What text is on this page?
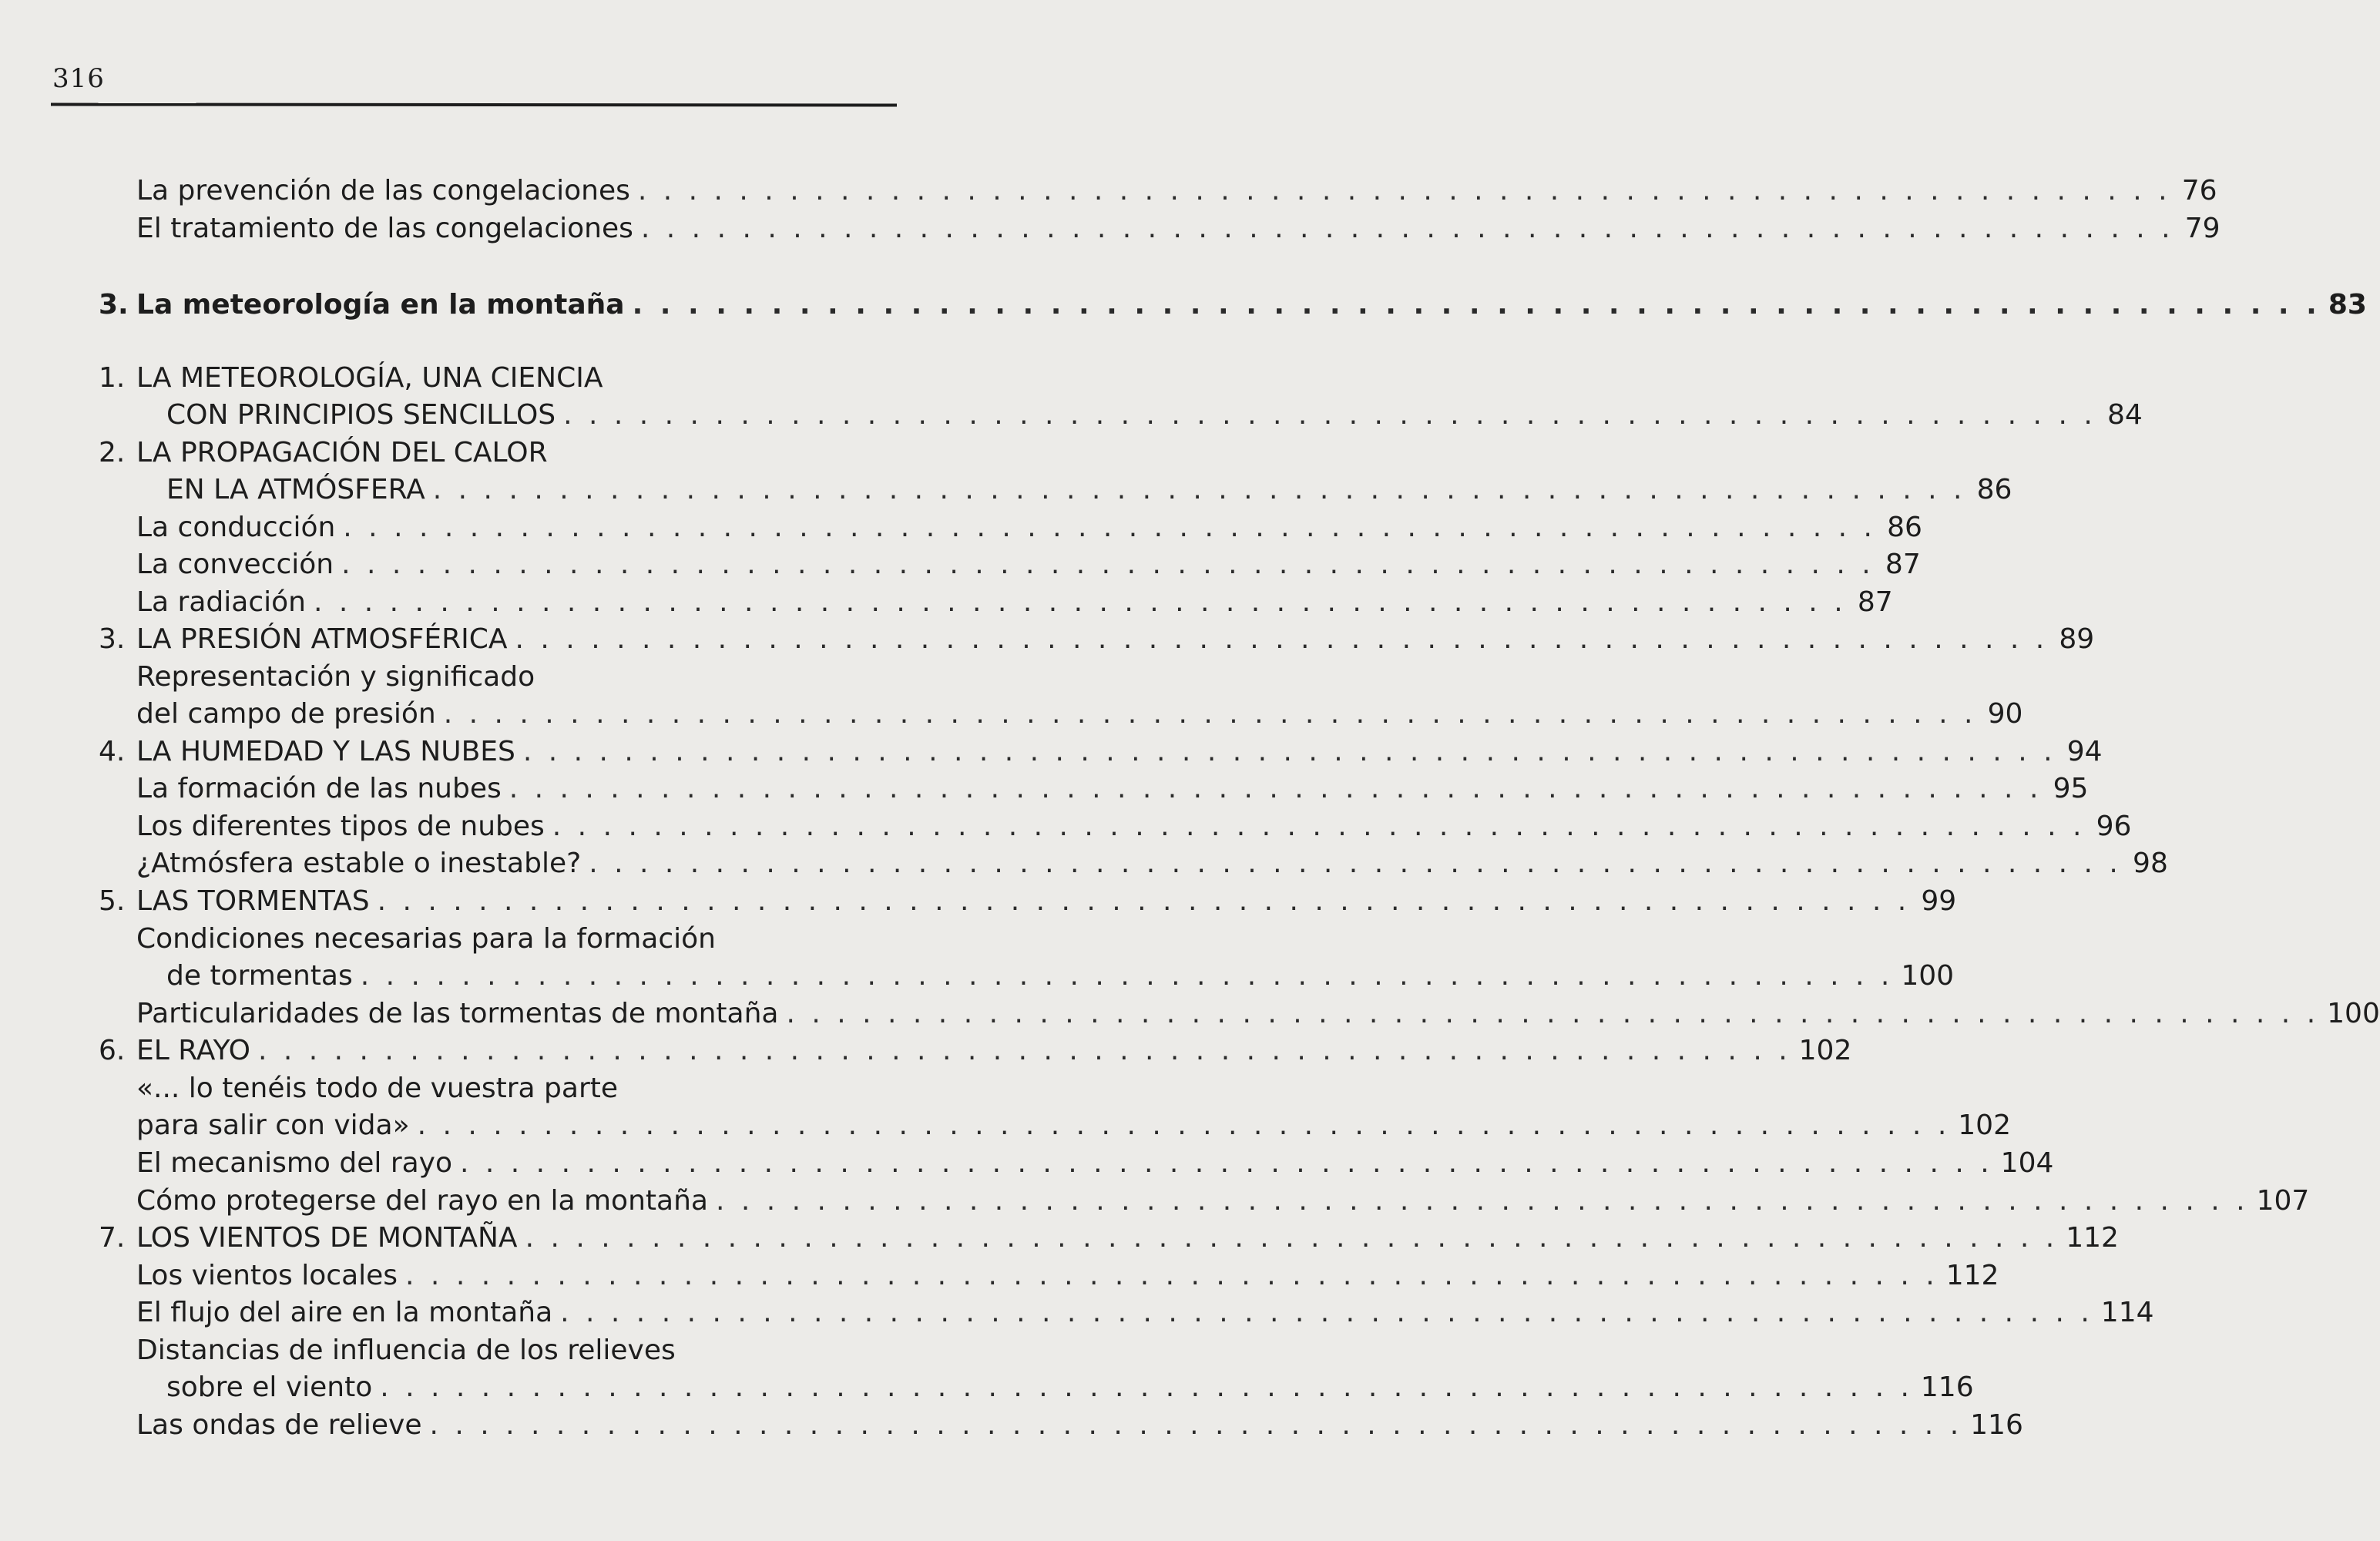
316
La prevención de las congelaciones . . . . . . . . . . . . . . . . . . . . . . . . . . . . . . . . . . . . . . . . . . . . . . . . . . . . . . . . . . . . . 76
El tratamiento de las congelaciones . . . . . . . . . . . . . . . . . . . . . . . . . . . . . . . . . . . . . . . . . . . . . . . . . . . . . . . . . . . . . 79
3. La meteorología en la montaña . . . . . . . . . . . . . . . . . . . . . . . . . . . . . . . . . . . . . . . . . . . . . . . . . . . . . . . . . . . . . 83
1. LA METEOROLOGÍA, UNA CIENCIA
CON PRINCIPIOS SENCILLOS . . . . . . . . . . . . . . . . . . . . . . . . . . . . . . . . . . . . . . . . . . . . . . . . . . . . . . . . . . . . . 84
2. LA PROPAGACIÓN DEL CALOR
EN LA ATMÓSFERA . . . . . . . . . . . . . . . . . . . . . . . . . . . . . . . . . . . . . . . . . . . . . . . . . . . . . . . . . . . . . 86
La conducción . . . . . . . . . . . . . . . . . . . . . . . . . . . . . . . . . . . . . . . . . . . . . . . . . . . . . . . . . . . . . 86
La convección . . . . . . . . . . . . . . . . . . . . . . . . . . . . . . . . . . . . . . . . . . . . . . . . . . . . . . . . . . . . . 87
La radiación . . . . . . . . . . . . . . . . . . . . . . . . . . . . . . . . . . . . . . . . . . . . . . . . . . . . . . . . . . . . . 87
3. LA PRESIÓN ATMOSFÉRICA . . . . . . . . . . . . . . . . . . . . . . . . . . . . . . . . . . . . . . . . . . . . . . . . . . . . . . . . . . . . . 89
Representación y significado
del campo de presión . . . . . . . . . . . . . . . . . . . . . . . . . . . . . . . . . . . . . . . . . . . . . . . . . . . . . . . . . . . . . 90
4. LA HUMEDAD Y LAS NUBES . . . . . . . . . . . . . . . . . . . . . . . . . . . . . . . . . . . . . . . . . . . . . . . . . . . . . . . . . . . . . 94
La formación de las nubes . . . . . . . . . . . . . . . . . . . . . . . . . . . . . . . . . . . . . . . . . . . . . . . . . . . . . . . . . . . . . 95
Los diferentes tipos de nubes . . . . . . . . . . . . . . . . . . . . . . . . . . . . . . . . . . . . . . . . . . . . . . . . . . . . . . . . . . . . . 96
¿Atmósfera estable o inestable? . . . . . . . . . . . . . . . . . . . . . . . . . . . . . . . . . . . . . . . . . . . . . . . . . . . . . . . . . . . . . 98
5. LAS TORMENTAS . . . . . . . . . . . . . . . . . . . . . . . . . . . . . . . . . . . . . . . . . . . . . . . . . . . . . . . . . . . . . 99
Condiciones necesarias para la formación
de tormentas . . . . . . . . . . . . . . . . . . . . . . . . . . . . . . . . . . . . . . . . . . . . . . . . . . . . . . . . . . . . . 100
Particularidades de las tormentas de montaña . . . . . . . . . . . . . . . . . . . . . . . . . . . . . . . . . . . . . . . . . . . . . . . . . . . . . . . . . . . . . 100
6. EL RAYO . . . . . . . . . . . . . . . . . . . . . . . . . . . . . . . . . . . . . . . . . . . . . . . . . . . . . . . . . . . . . 102
«... lo tenéis todo de vuestra parte
para salir con vida» . . . . . . . . . . . . . . . . . . . . . . . . . . . . . . . . . . . . . . . . . . . . . . . . . . . . . . . . . . . . . 102
El mecanismo del rayo . . . . . . . . . . . . . . . . . . . . . . . . . . . . . . . . . . . . . . . . . . . . . . . . . . . . . . . . . . . . . 104
Cómo protegerse del rayo en la montaña . . . . . . . . . . . . . . . . . . . . . . . . . . . . . . . . . . . . . . . . . . . . . . . . . . . . . . . . . . . . . 107
7. LOS VIENTOS DE MONTAÑA . . . . . . . . . . . . . . . . . . . . . . . . . . . . . . . . . . . . . . . . . . . . . . . . . . . . . . . . . . . . . 112
Los vientos locales . . . . . . . . . . . . . . . . . . . . . . . . . . . . . . . . . . . . . . . . . . . . . . . . . . . . . . . . . . . . . 112
El flujo del aire en la montaña . . . . . . . . . . . . . . . . . . . . . . . . . . . . . . . . . . . . . . . . . . . . . . . . . . . . . . . . . . . . . 114
Distancias de influencia de los relieves
sobre el viento . . . . . . . . . . . . . . . . . . . . . . . . . . . . . . . . . . . . . . . . . . . . . . . . . . . . . . . . . . . . . 116
Las ondas de relieve . . . . . . . . . . . . . . . . . . . . . . . . . . . . . . . . . . . . . . . . . . . . . . . . . . . . . . . . . . . . . 116
